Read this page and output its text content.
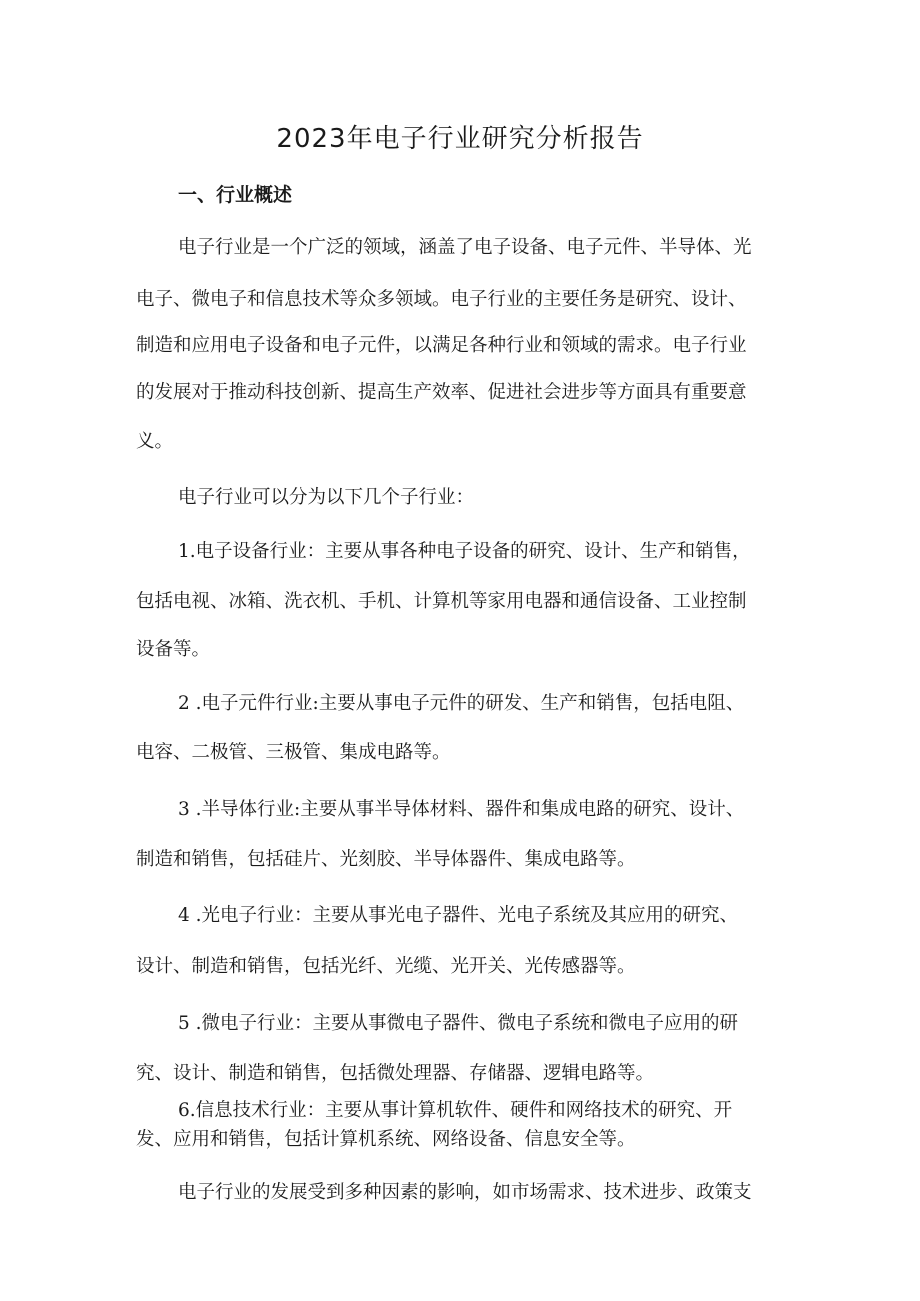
2023年电子行业研究分析报告
一、行业概述
电子行业是一个广泛的领域，涵盖了电子设备、电子元件、半导体、光
电子、微电子和信息技术等众多领域。电子行业的主要任务是研究、设计、
制造和应用电子设备和电子元件，以满足各种行业和领域的需求。电子行业
的发展对于推动科技创新、提高生产效率、促进社会进步等方面具有重要意
义。
电子行业可以分为以下几个子行业：
1.电子设备行业：主要从事各种电子设备的研究、设计、生产和销售，
包括电视、冰箱、洗衣机、手机、计算机等家用电器和通信设备、工业控制
设备等。
2 .电子元件行业:主要从事电子元件的研发、生产和销售，包括电阻、
电容、二极管、三极管、集成电路等。
3 .半导体行业:主要从事半导体材料、器件和集成电路的研究、设计、
制造和销售，包括硅片、光刻胶、半导体器件、集成电路等。
4 .光电子行业：主要从事光电子器件、光电子系统及其应用的研究、
设计、制造和销售，包括光纤、光缆、光开关、光传感器等。
5 .微电子行业：主要从事微电子器件、微电子系统和微电子应用的研
究、设计、制造和销售，包括微处理器、存储器、逻辑电路等。
6.信息技术行业：主要从事计算机软件、硬件和网络技术的研究、开
发、应用和销售，包括计算机系统、网络设备、信息安全等。
电子行业的发展受到多种因素的影响，如市场需求、技术进步、政策支
